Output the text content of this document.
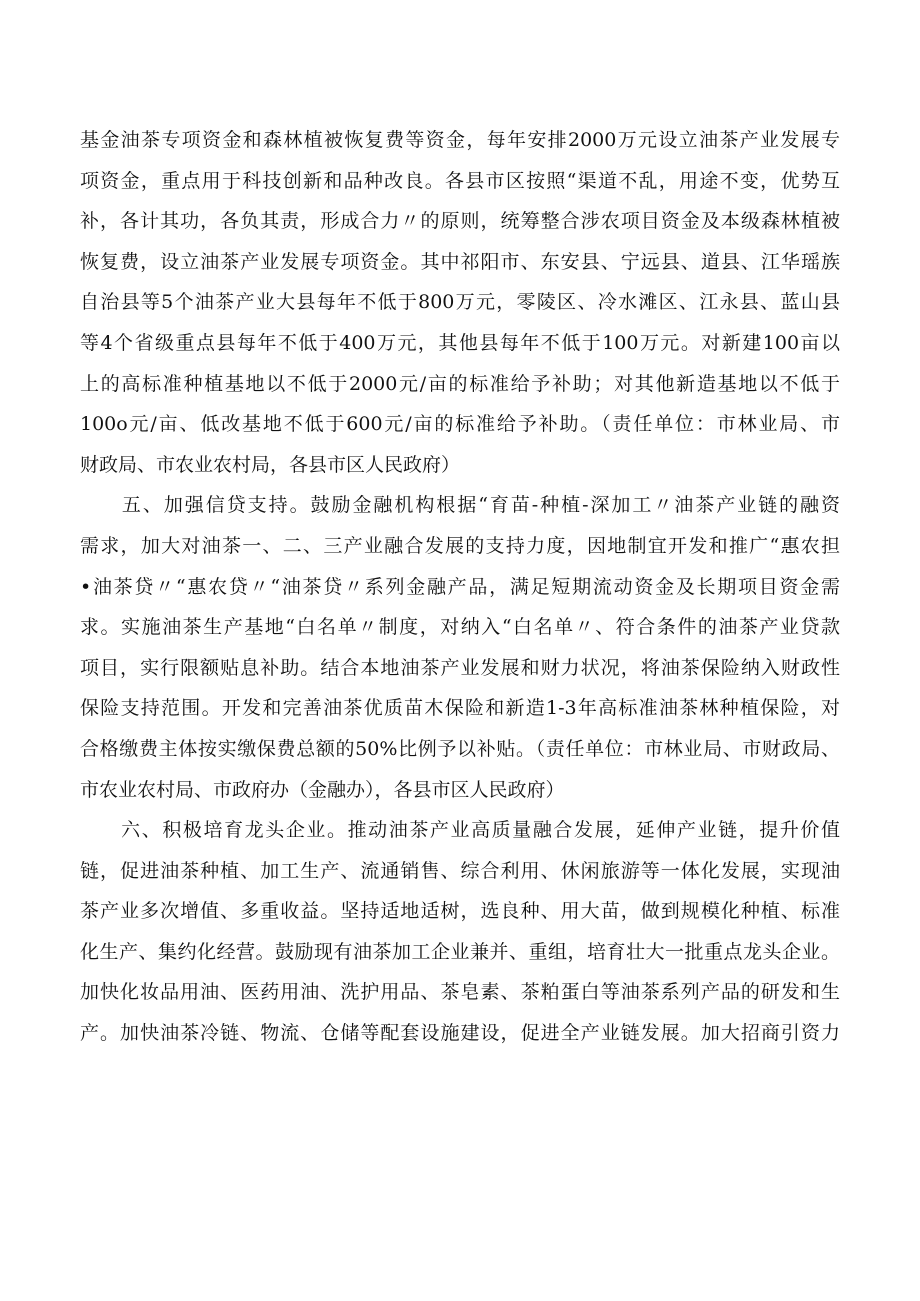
基金油茶专项资金和森林植被恢复费等资金，每年安排2000万元设立油茶产业发展专
项资金，重点用于科技创新和品种改良。各县市区按照“渠道不乱，用途不变，优势互
补，各计其功，各负其责，形成合力〃的原则，统筹整合涉农项目资金及本级森林植被
恢复费，设立油茶产业发展专项资金。其中祁阳市、东安县、宁远县、道县、江华瑶族
自治县等5个油茶产业大县每年不低于800万元，零陵区、冷水滩区、江永县、蓝山县
等4个省级重点县每年不低于400万元，其他县每年不低于100万元。对新建100亩以
上的高标准种植基地以不低于2000元/亩的标准给予补助；对其他新造基地以不低于
100o元/亩、低改基地不低于600元/亩的标准给予补助。（责任单位：市林业局、市
财政局、市农业农村局，各县市区人民政府）
　　五、加强信贷支持。鼓励金融机构根据“育苗-种植-深加工〃油茶产业链的融资
需求，加大对油茶一、二、三产业融合发展的支持力度，因地制宜开发和推广“惠农担
•油茶贷〃“惠农贷〃“油茶贷〃系列金融产品，满足短期流动资金及长期项目资金需
求。实施油茶生产基地“白名单〃制度，对纳入“白名单〃、符合条件的油茶产业贷款
项目，实行限额贴息补助。结合本地油茶产业发展和财力状况，将油茶保险纳入财政性
保险支持范围。开发和完善油茶优质苗木保险和新造1-3年高标准油茶林种植保险，对
合格缴费主体按实缴保费总额的50%比例予以补贴。（责任单位：市林业局、市财政局、
市农业农村局、市政府办（金融办），各县市区人民政府）
　　六、积极培育龙头企业。推动油茶产业高质量融合发展，延伸产业链，提升价值
链，促进油茶种植、加工生产、流通销售、综合利用、休闲旅游等一体化发展，实现油
茶产业多次增值、多重收益。坚持适地适树，选良种、用大苗，做到规模化种植、标准
化生产、集约化经营。鼓励现有油茶加工企业兼并、重组，培育壮大一批重点龙头企业。
加快化妆品用油、医药用油、洗护用品、茶皂素、茶粕蛋白等油茶系列产品的研发和生
产。加快油茶冷链、物流、仓储等配套设施建设，促进全产业链发展。加大招商引资力
